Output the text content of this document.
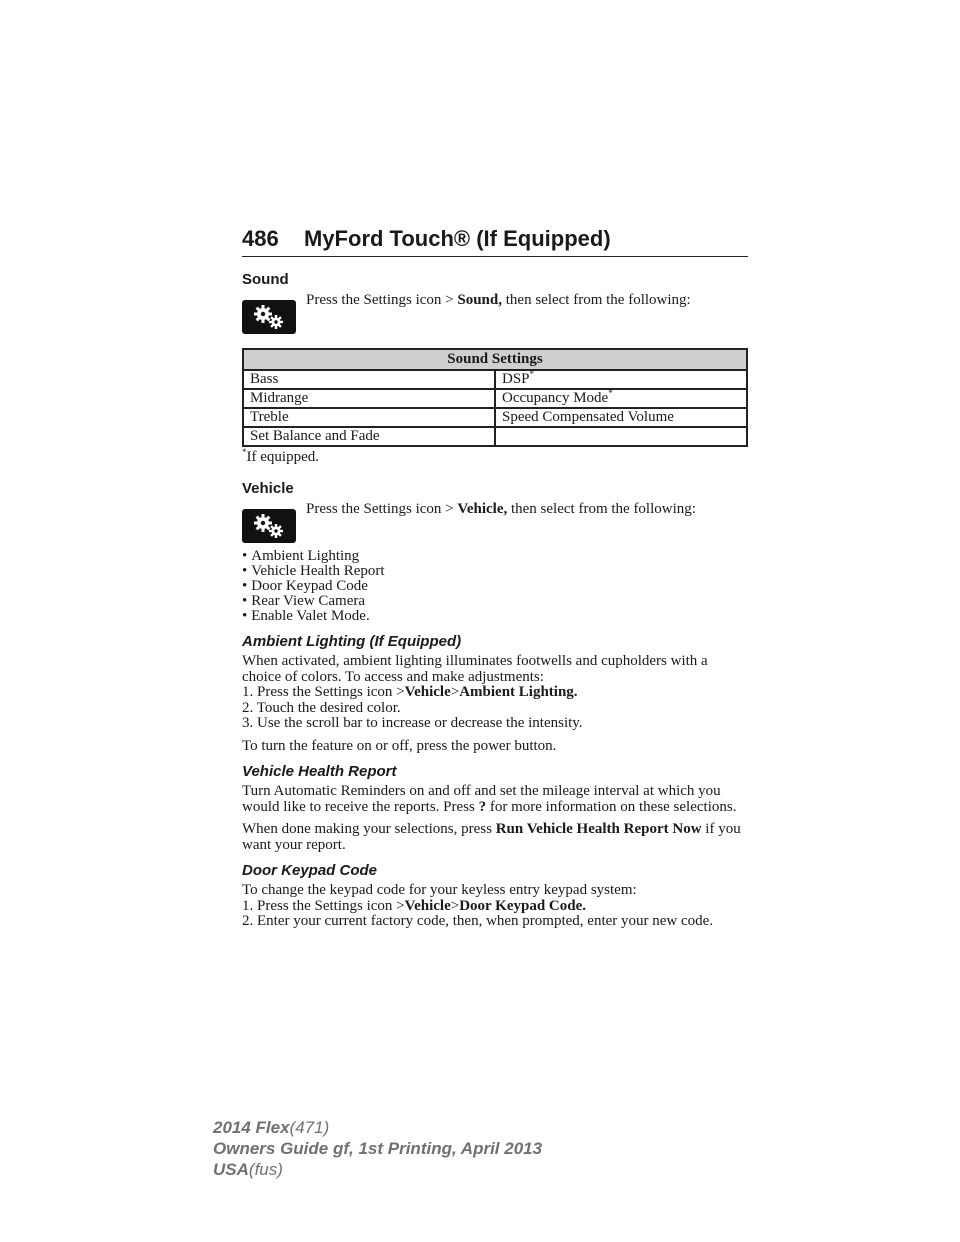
486	MyFord Touch® (If Equipped)
Sound
Press the Settings icon > Sound, then select from the following:
Sound Settings	
Bass	DSP*
Midrange	Occupancy Mode*
Treble	Speed Compensated Volume
Set Balance and Fade	
*If equipped.
Vehicle
Press the Settings icon > Vehicle, then select from the following:
• Ambient Lighting
• Vehicle Health Report
• Door Keypad Code
• Rear View Camera
• Enable Valet Mode.
Ambient Lighting (If Equipped)
When activated, ambient lighting illuminates footwells and cupholders with a choice of colors. To access and make adjustments:
1. Press the Settings icon >Vehicle>Ambient Lighting.
2. Touch the desired color.
3. Use the scroll bar to increase or decrease the intensity.

To turn the feature on or off, press the power button.

Vehicle Health Report

Turn Automatic Reminders on and off and set the mileage interval at which you would like to receive the reports. Press ? for more information on these selections.

When done making your selections, press Run Vehicle Health Report Now if you want your report.

Door Keypad Code
To change the keypad code for your keyless entry keypad system:
1. Press the Settings icon >Vehicle>Door Keypad Code.
2. Enter your current factory code, then, when prompted, enter your new code.
2014 Flex(471)
Owners Guide gf, 1st Printing, April 2013
USA(fus)
